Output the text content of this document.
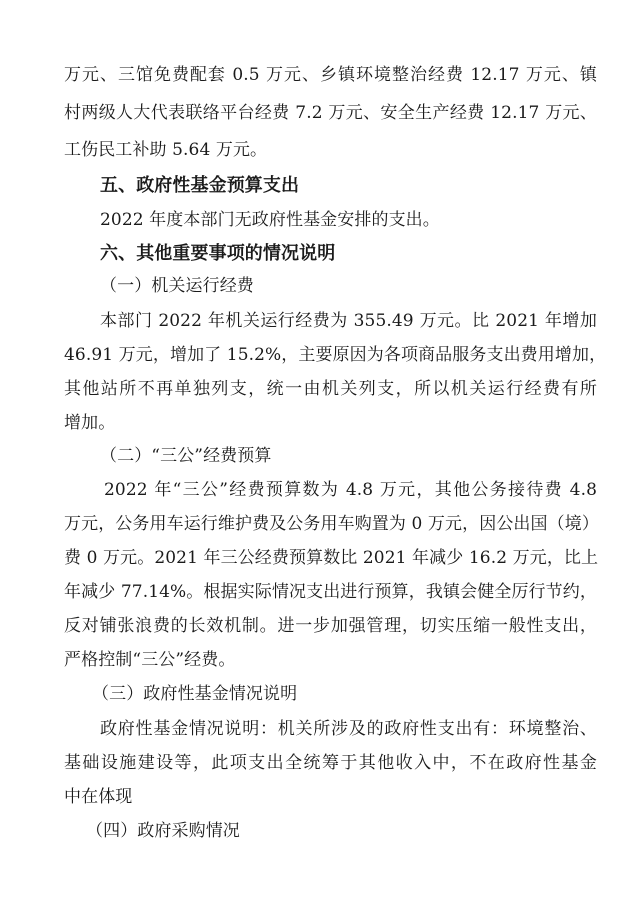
万元、三馆免费配套 0.5 万元、乡镇环境整治经费 12.17 万元、镇
村两级人大代表联络平台经费 7.2 万元、安全生产经费 12.17 万元、
工伤民工补助 5.64 万元。
五、政府性基金预算支出
2022 年度本部门无政府性基金安排的支出。
六、其他重要事项的情况说明
（一）机关运行经费
本部门 2022 年机关运行经费为 355.49 万元。比 2021 年增加
46.91 万元，增加了 15.2%，主要原因为各项商品服务支出费用增加，
其他站所不再单独列支，统一由机关列支，所以机关运行经费有所
增加。
（二）“三公”经费预算
2022 年“三公”经费预算数为 4.8 万元，其他公务接待费 4.8
万元，公务用车运行维护费及公务用车购置为 0 万元，因公出国（境）
费 0 万元。2021 年三公经费预算数比 2021 年减少 16.2 万元，比上
年减少 77.14%。根据实际情况支出进行预算，我镇会健全厉行节约，
反对铺张浪费的长效机制。进一步加强管理，切实压缩一般性支出，
严格控制“三公”经费。
（三）政府性基金情况说明
政府性基金情况说明：机关所涉及的政府性支出有：环境整治、
基础设施建设等，此项支出全统筹于其他收入中，不在政府性基金
中在体现
（四）政府采购情况
